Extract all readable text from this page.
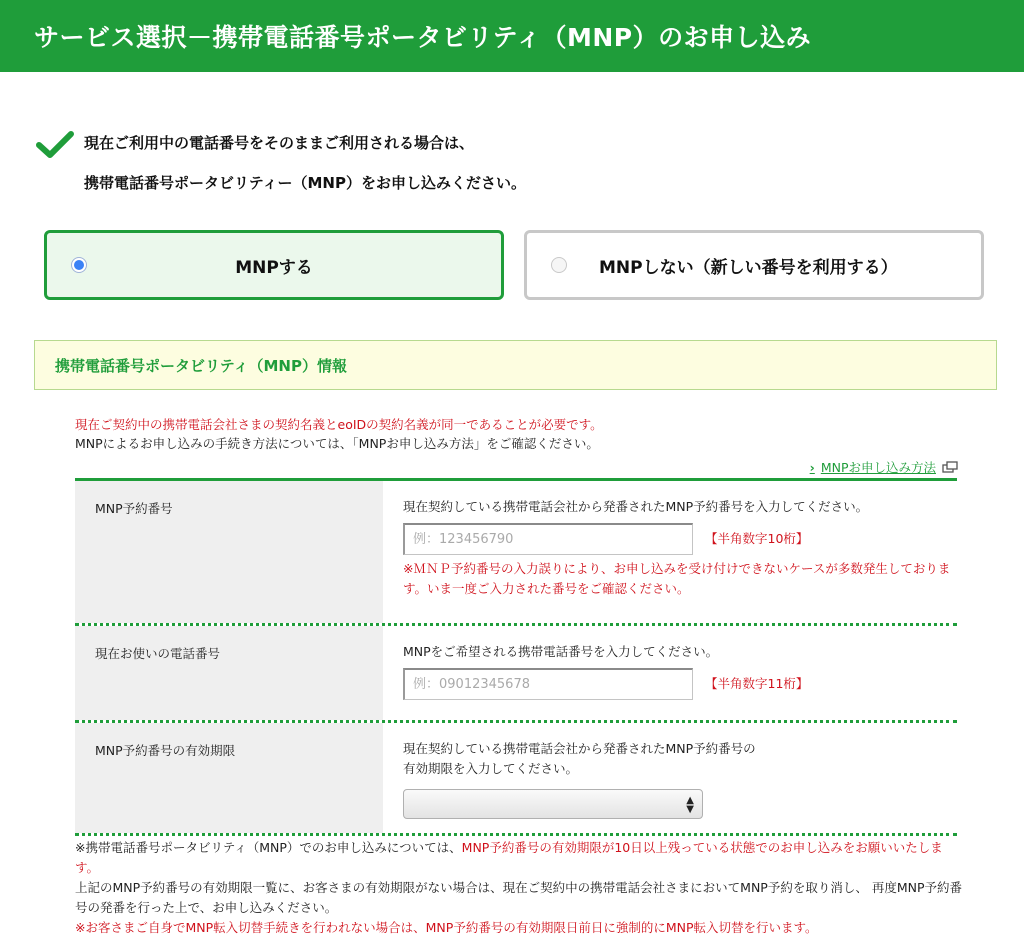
サービス選択－携帯電話番号ポータビリティ（MNP）のお申し込み
現在ご利用中の電話番号をそのままご利用される場合は、
携帯電話番号ポータビリティー（MNP）をお申し込みください。
MNPする	MNPしない（新しい番号を利用する）
携帯電話番号ポータビリティ（MNP）情報
現在ご契約中の携帯電話会社さまの契約名義とeoIDの契約名義が同一であることが必要です。
MNPによるお申し込みの手続き方法については、「MNPお申し込み方法」をご確認ください。
› MNPお申し込み方法
MNP予約番号	現在契約している携帯電話会社から発番されたMNP予約番号を入力してください。
例：123456790
【半角数字10桁】
※ＭＮＰ予約番号の入力誤りにより、お申し込みを受け付けできないケースが多数発生しております。いま一度ご入力された番号をご確認ください。
現在お使いの電話番号	MNPをご希望される携帯電話番号を入力してください。
例：09012345678
【半角数字11桁】
MNP予約番号の有効期限	現在契約している携帯電話会社から発番されたMNP予約番号の
有効期限を入力してください。
▲
▼
※携帯電話番号ポータビリティ（MNP）でのお申し込みについては、MNP予約番号の有効期限が10日以上残っている状態でのお申し込みをお願いいたします。
上記のMNP予約番号の有効期限一覧に、お客さまの有効期限がない場合は、現在ご契約中の携帯電話会社さまにおいてMNP予約を取り消し、 再度MNP予約番号の発番を行った上で、お申し込みください。
※お客さまご自身でMNP転入切替手続きを行われない場合は、MNP予約番号の有効期限日前日に強制的にMNP転入切替を行います。
